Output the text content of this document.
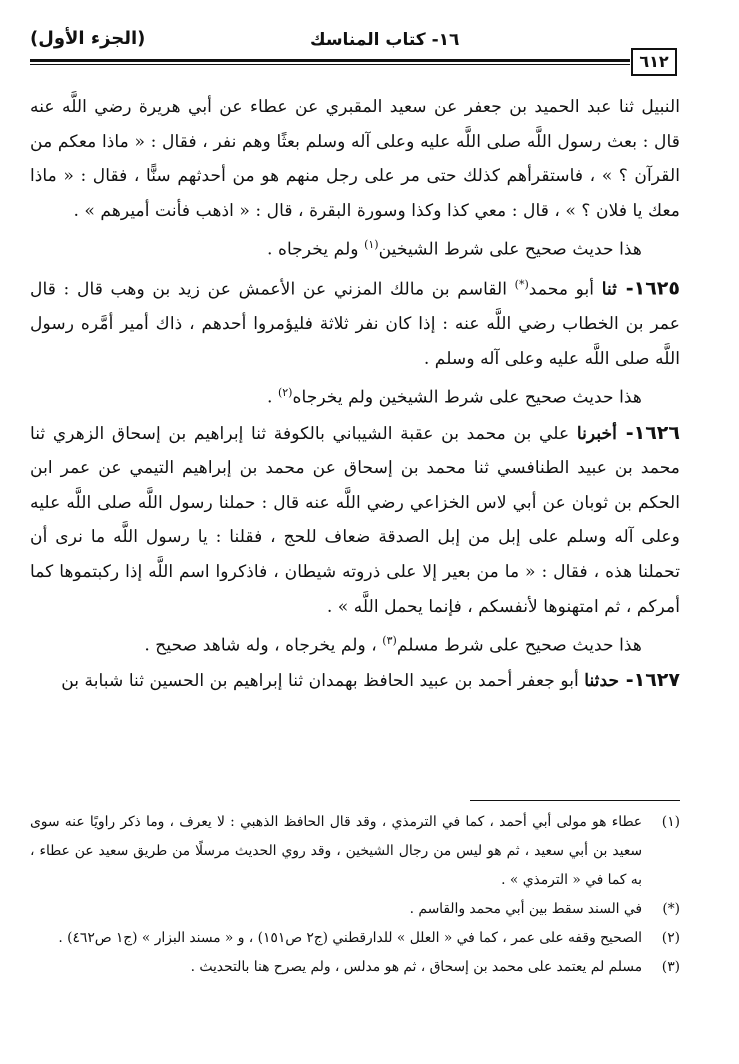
(الجزء الأول)	١٦- كتاب المناسك
٦١٢

النبيل ثنا عبد الحميد بن جعفر عن سعيد المقبري عن عطاء عن أبي هريرة رضي اللَّه عنه قال : بعث رسول اللَّه صلى اللَّه عليه وعلى آله وسلم بعثًا وهم نفر ، فقال : « ماذا معكم من القرآن ؟ » ، فاستقرأهم كذلك حتى مر على رجل منهم هو من أحدثهم سنًّا ، فقال : « ماذا معك يا فلان ؟ » ، قال : معي كذا وكذا وسورة البقرة ، قال : « اذهب فأنت أميرهم » .

هذا حديث صحيح على شرط الشيخين$^{(١)}$ ولم يخرجاه .

١٦٢٥- ثنا أبو محمد(*) القاسم بن مالك المزني عن الأعمش عن زيد بن وهب قال : قال عمر بن الخطاب رضي اللَّه عنه : إذا كان نفر ثلاثة فليؤمروا أحدهم ، ذاك أمير أمَّره رسول اللَّه صلى اللَّه عليه وعلى آله وسلم .

هذا حديث صحيح على شرط الشيخين ولم يخرجاه$^{(٢)}$ .

١٦٢٦- أخبرنا علي بن محمد بن عقبة الشيباني بالكوفة ثنا إبراهيم بن إسحاق الزهري ثنا محمد بن عبيد الطنافسي ثنا محمد بن إسحاق عن محمد بن إبراهيم التيمي عن عمر ابن الحكم بن ثوبان عن أبي لاس الخزاعي رضي اللَّه عنه قال : حملنا رسول اللَّه صلى اللَّه عليه وعلى آله وسلم على إبل من إبل الصدقة ضعاف للحج ، فقلنا : يا رسول اللَّه ما نرى أن تحملنا هذه ، فقال : « ما من بعير إلا على ذروته شيطان ، فاذكروا اسم اللَّه إذا ركبتموها كما أمركم ، ثم امتهنوها لأنفسكم ، فإنما يحمل اللَّه » .

هذا حديث صحيح على شرط مسلم$^{(٣)}$ ، ولم يخرجاه ، وله شاهد صحيح .

١٦٢٧- حدثنا أبو جعفر أحمد بن عبيد الحافظ بهمدان ثنا إبراهيم بن الحسين ثنا شبابة بن

(١)
عطاء هو مولى أبي أحمد ، كما في الترمذي ، وقد قال الحافظ الذهبي : لا يعرف ، وما ذكر راويًا عنه سوى سعيد بن أبي سعيد ، ثم هو ليس من رجال الشيخين ، وقد روي الحديث مرسلًا من طريق سعيد عن عطاء ، به كما في « الترمذي » .
(*)
في السند سقط بين أبي محمد والقاسم .
(٢)
الصحيح وقفه على عمر ، كما في « العلل » للدارقطني (ج٢ ص١٥١) ، و « مسند البزار » (ج١ ص٤٦٢) .
(٣)
مسلم لم يعتمد على محمد بن إسحاق ، ثم هو مدلس ، ولم يصرح هنا بالتحديث .
